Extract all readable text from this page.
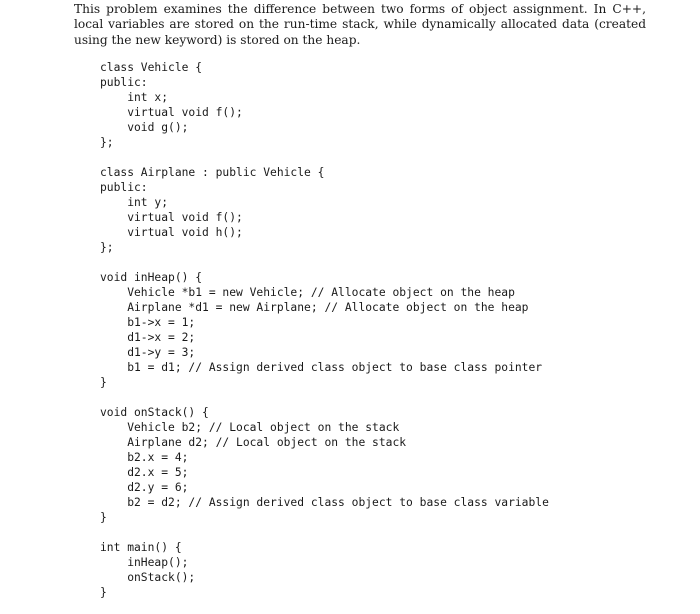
This problem examines the difference between two forms of object assignment. In C++, local variables are stored on the run-time stack, while dynamically allocated data (created using the new keyword) is stored on the heap.

class Vehicle {
public:
int x;
virtual void f();
void g();
};
class Airplane : public Vehicle {
public:
int y;
virtual void f();
virtual void h();
};
void inHeap() {
Vehicle *b1 = new Vehicle; // Allocate object on the heap
Airplane *d1 = new Airplane; // Allocate object on the heap
b1->x = 1;
d1->x = 2;
d1->y = 3;
b1 = d1; // Assign derived class object to base class pointer
}
void onStack() {
Vehicle b2; // Local object on the stack
Airplane d2; // Local object on the stack
b2.x = 4;
d2.x = 5;
d2.y = 6;
b2 = d2; // Assign derived class object to base class variable
}
int main() {
inHeap();
onStack();
}
